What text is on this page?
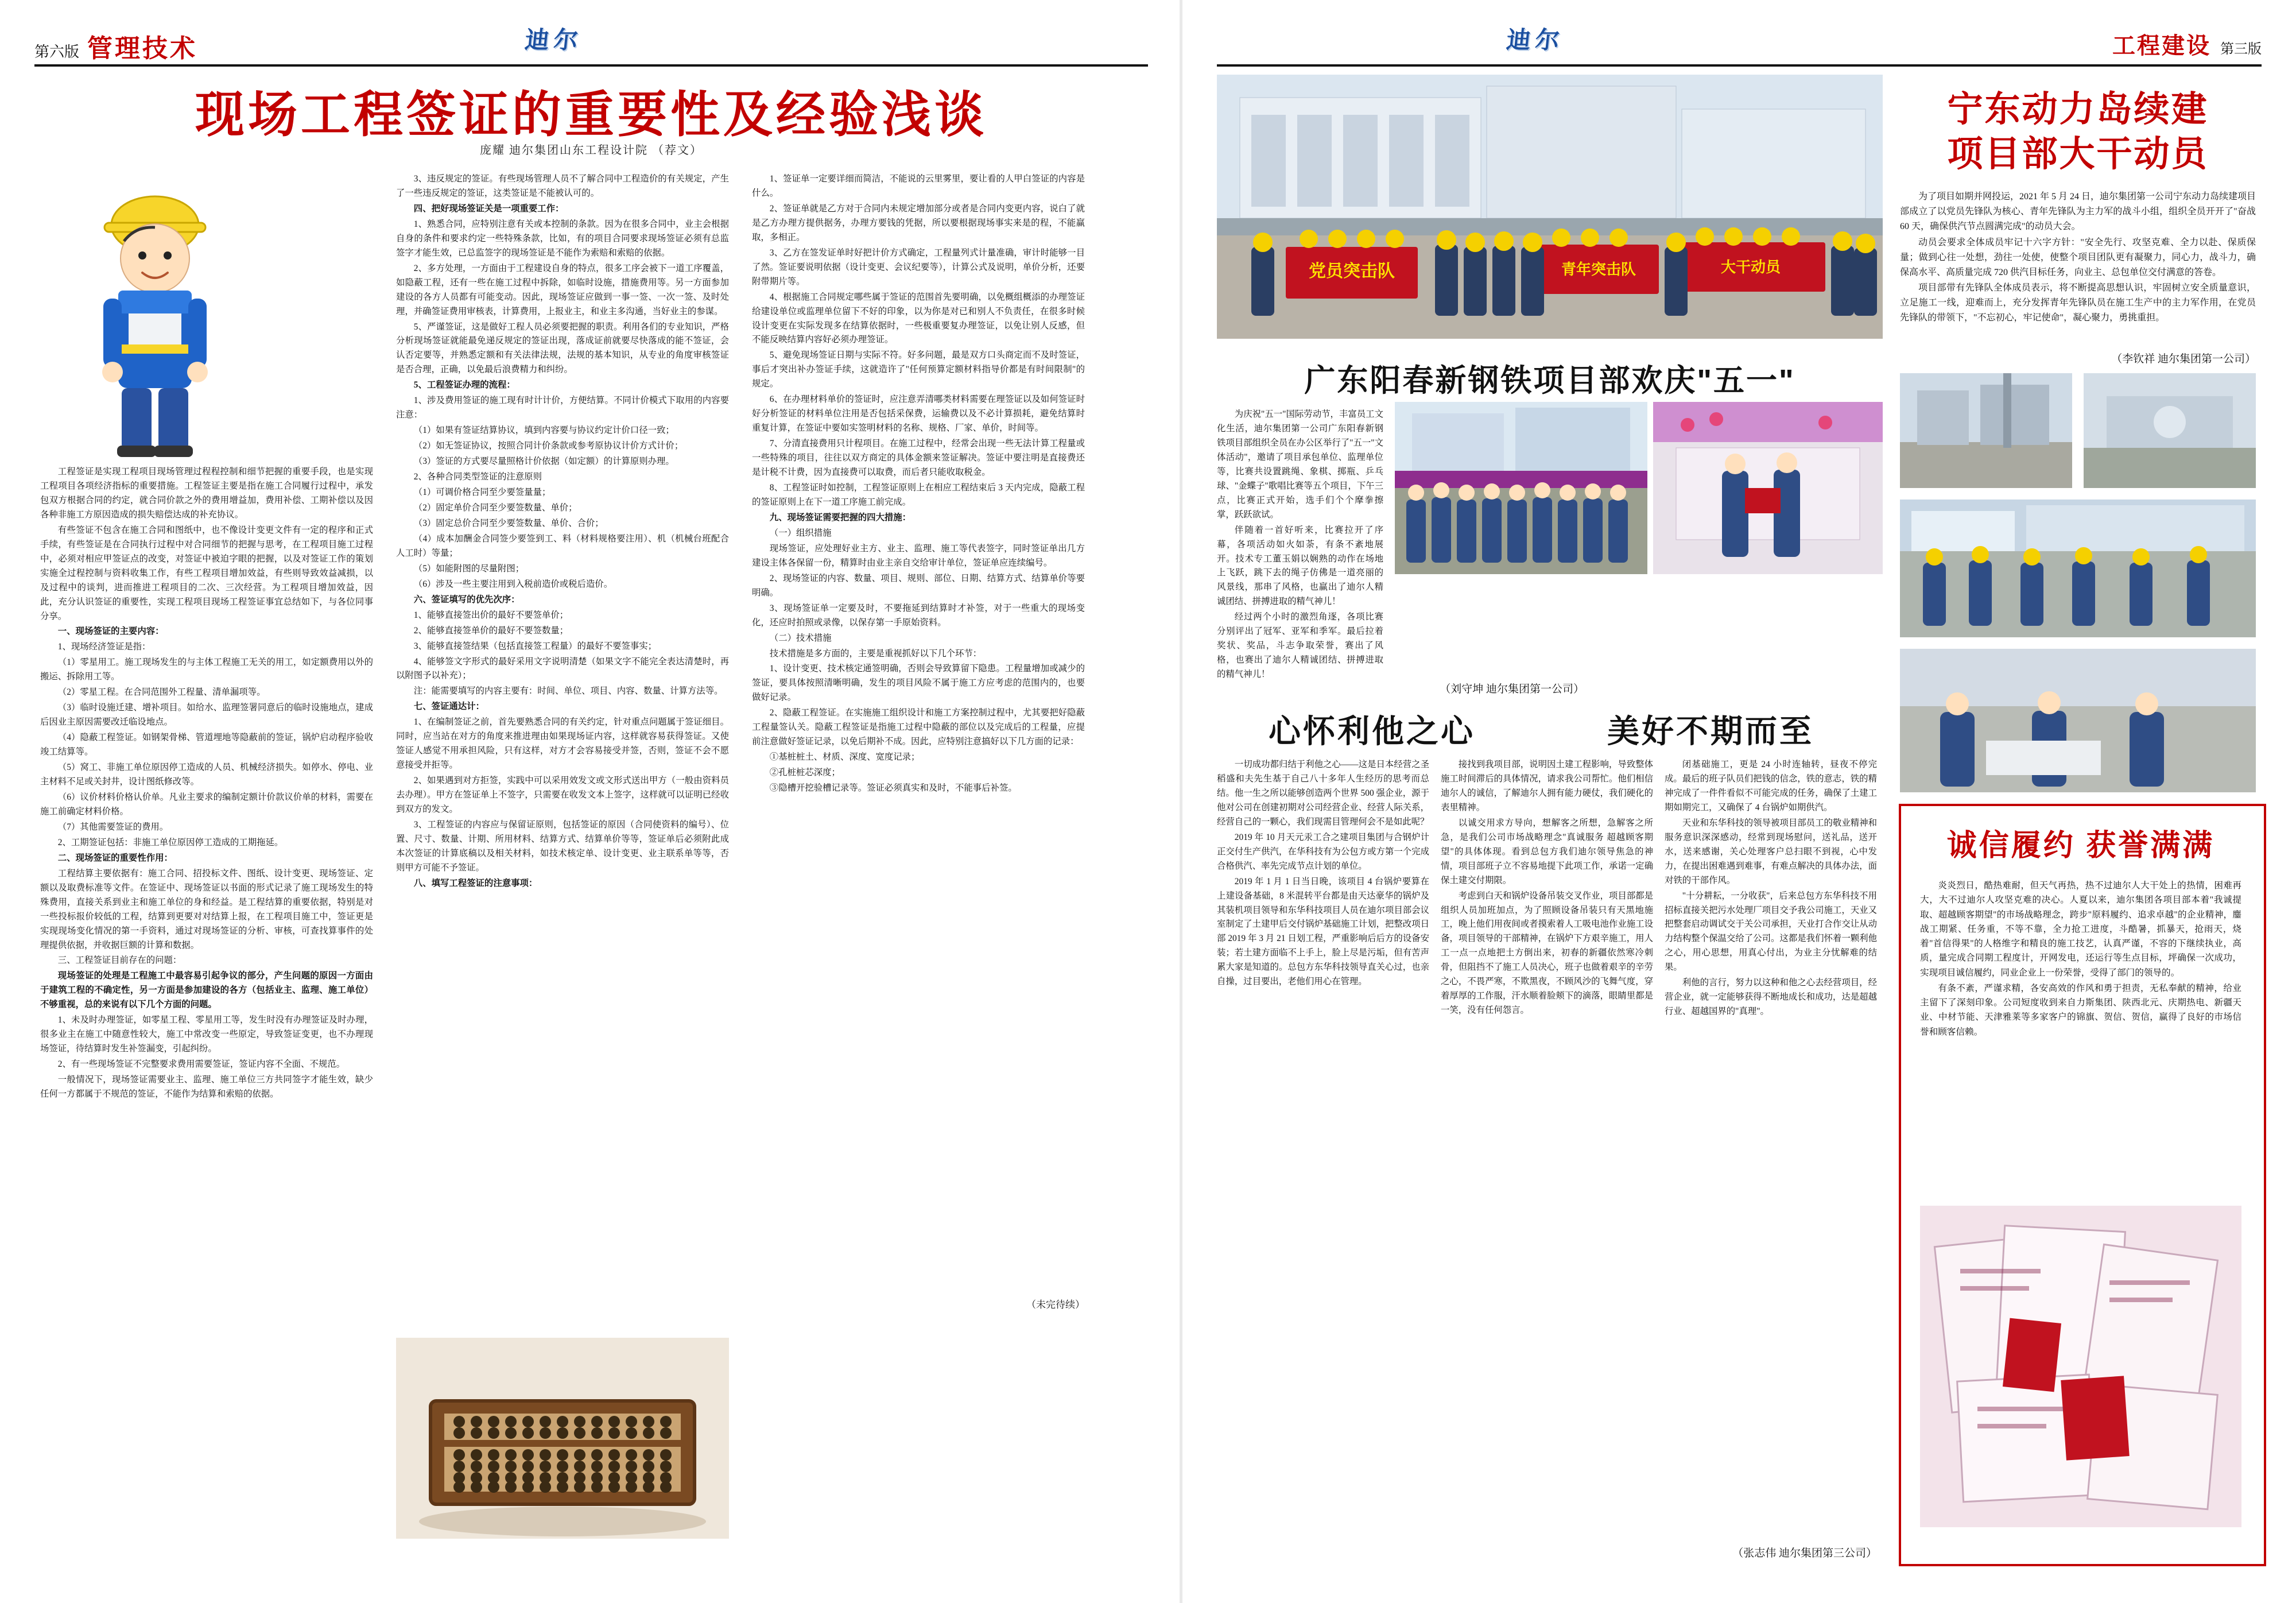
第六版 管理技术	迪尔
现场工程签证的重要性及经验浅谈
庞耀 迪尔集团山东工程设计院 （荐文）

工程签证是实现工程项目现场管理过程程控制和细节把握的重要手段，也是实现工程项目各项经济指标的重要措施。工程签证主要是指在施工合同履行过程中，承发包双方根据合同的约定，就合同价款之外的费用增益加，费用补偿、工期补偿以及因各种非施工方原因造成的损失赔偿达成的补充协议。

有些签证不包含在施工合同和图纸中，也不像设计变更文件有一定的程序和正式手续，有些签证是在合同执行过程中对合同细节的把握与思考，在工程项目施工过程中，必须对相应甲签证点的改变，对签证中被迫字眼的把握，以及对签证工作的策划实施全过程控制与资料收集工作，有些工程项目增加效益，有些则导致效益减损，以及过程中的谈判，进而推进工程项目的二次、三次经营。为工程项目增加效益，因此，充分认识签证的重要性，实现工程项目现场工程签证事宜总结如下，与各位同事分享。

一、现场签证的主要内容：

1、现场经济签证是指：

（1）零星用工。施工现场发生的与主体工程施工无关的用工，如定额费用以外的搬运、拆除用工等。

（2）零星工程。在合同范围外工程量、清单漏项等。

（3）临时设施迁建、增补项目。如给水、监理签署同意后的临时设施地点，建成后因业主原因需要改迁临设地点。

（4）隐蔽工程签证。如钢架骨梯、管道埋地等隐蔽前的签证，锅炉启动程序验收竣工结算等。

（5）窝工、非施工单位原因停工造成的人员、机械经济损失。如停水、停电、业主材料不足或关封井，设计图纸修改等。

（6）议价材料价格认价单。凡业主要求的编制定额计价款议价单的材料，需要在施工前确定材料价格。

（7）其他需要签证的费用。

2、工期签证包括：非施工单位原因停工造成的工期拖延。

二、现场签证的重要性作用：

工程结算主要依据有：施工合同、招投标文件、图纸、设计变更、现场签证、定额以及取费标准等文件。在签证中、现场签证以书面的形式记录了施工现场发生的特殊费用，直接关系到业主和施工单位的身和经益。是工程结算的重要依据，特别是对一些投标报价较低的工程，结算到更要对对结算上报，在工程项目施工中，签证更是实现现场变化情况的第一手资料，通过对现场签证的分析、审核，可查找算事件的处理提供依据，并收据巨额的计算和数据。

三、工程签证目前存在的问题：

现场签证的处理是工程施工中最容易引起争议的部分，产生问题的原因一方面由于建筑工程的不确定性，另一方面是参加建设的各方（包括业主、监理、施工单位）不够重视，总的来说有以下几个方面的问题。

1、未及时办理签证，如零星工程、零星用工等，发生时没有办理签证及时办理，很多业主在施工中随意性较大，施工中常改变一些原定，导致签证变更，也不办理现场签证，待结算时发生补签漏变，引起纠纷。

2、有一些现场签证不完整要求费用需要签证，签证内容不全面、不规范。

一般情况下，现场签证需要业主、监理、施工单位三方共同签字才能生效，缺少任何一方都属于不规范的签证，不能作为结算和索赔的依据。

3、违反规定的签证。有些现场管理人员不了解合同中工程造价的有关规定，产生了一些违反规定的签证，这类签证是不能被认可的。

四、把好现场签证关是一项重要工作：

1、熟悉合同，应特别注意有关或本控制的条款。因为在很多合同中，业主会根据自身的条件和要求约定一些特殊条款，比如，有的项目合同要求现场签证必须有总监签字才能生效，已总监签字的现场签证是不能作为索赔和索赔的依据。

2、多方处理，一方面由于工程建设自身的特点，很多工序会被下一道工序覆盖，如隐蔽工程，还有一些在施工过程中拆除，如临时设施，措施费用等。另一方面参加建设的各方人员都有可能变动。因此，现场签证应做到一事一签、一次一签、及时处理，并确签证费用审核表，计算费用，上报业主，和业主多沟通，当好业主的参谋。

5、严谨签证，这是做好工程人员必须要把握的职责。利用各们的专业知识，严格分析现场签证就能最免递反规定的签证出现，落成证前就要尽快落成的能不签证，会认否定要等，并熟悉定额和有关法律法规，法规的基本知识，从专业的角度审核签证是否合理，正确，以免最后浪费精力和纠纷。

5、工程签证办理的流程：

1、涉及费用签证的施工现有时计计价，方便结算。不同计价模式下取用的内容要注意：

（1）如果有签证结算协议，填到内容要与协议约定计价口径一致；

（2）如无签证协议，按照合同计价条款或参考原协议计价方式计价；

（3）签证的方式要尽量照格计价依据（如定额）的计算原则办理。

2、各种合同类型签证的注意原则

（1）可调价格合同至少要签量量；

（2）固定单价合同至少要签数量、单价；

（3）固定总价合同至少要签数量、单价、合价；

（4）成本加酬金合同签少要签到工、料（材料规格要注用）、机（机械台班配合人工时）等量；

（5）如能附图的尽量附图；

（6）涉及一些主要注用到入税前造价或税后造价。

六、签证填写的优先次序：

1、能够直接签出价的最好不要签单价；

2、能够直接签单价的最好不要签数量；

3、能够直接签结果（包括直接签工程量）的最好不要签事实；

4、能够签文字形式的最好采用文字说明清楚（如果文字不能完全表达清楚时，再以附图予以补充）；

注：能需要填写的内容主要有：时间、单位、项目、内容、数量、计算方法等。

七、签证通达计：

1、在编制签证之前，首先要熟悉合同的有关约定，针对重点问题属于签证细目。同时，应当站在对方的角度来推进理由如果现场证内容，这样就容易获得签证。又使签证人感觉不用承担风险，只有这样，对方才会容易接受并签，否则，签证不会不愿意接受并拒等。

2、如果遇到对方拒签，实践中可以采用效发文或文形式送出甲方（一般由资料员去办理）。甲方在签证单上不签字，只需要在收发文本上签字，这样就可以证明已经收到双方的发文。

3、工程签证的内容应与保留证原则，包括签证的原因（合同使资料的编号）、位置、尺寸、数量、计期、所用材料、结算方式、结算单价等等，签证单后必须附此成本次签证的计算底稿以及相关材料，如技术核定单、设计变更、业主联系单等等，否则甲方可能不予签证。

八、填写工程签证的注意事项：

1、签证单一定要详细而简洁，不能说的云里雾里，要让看的人甲白签证的内容是什么。

2、签证单就是乙方对于合同内未规定增加部分或者是合同内变更内容，说白了就是乙方办理方提供据务，办理方要钱的凭据，所以要根据现场事实来是的程，不能赢取，多相正。

3、乙方在签发证单时好把计价方式确定，工程量列式计量准确，审计时能够一目了然。签证要说明依据（设计变更、会议纪要等），计算公式及说明，单价分析，还要附带期片等。

4、根据施工合同规定哪些属于签证的范围首先要明确，以免概组概添的办理签证给建设单位或监理单位留下不好的印象，以为你是对已和别人不负责任，在很多时候设计变更在实际发现多在结算依据时，一些极重要复办理签证，以免让别人反感，但不能反映结算内容好必须办理签证。

5、避免现场签证日期与实际不符。好多问题，最是双方口头商定而不及时签证，事后才突出补办签证手续，这就造许了"任何预算定额材料指导价都是有时间限制"的规定。

6、在办理材料单价的签证时，应注意弄清哪类材料需要在理签证以及如何签证时好分析签证的材料单位注用是否包括采保费，运输费以及不必计算损耗，避免结算时重复计算，在签证中要如实签明材料的名称、规格、厂家、单价，时间等。

7、分清直接费用只计程项目。在施工过程中，经常会出现一些无法计算工程量或一些特殊的项目，往往以双方商定的具体金额来签证解决。签证中要注明是直接费还是计税不计费，因为直接费可以取费，而后者只能收取税金。

8、工程签证时如控制，工程签证原则上在相应工程结束后 3 天内完成，隐蔽工程的签证原则上在下一道工序施工前完成。

九、现场签证需要把握的四大措施：

（一）组织措施

现场签证，应处理好业主方、业主、监理、施工等代表签字，同时签证单出几方建设主体各保留一份，精算时由业主亲自交给审计单位，签证单应连续编号。

2、现场签证的内容、数量、项目、规则、部位、日期、结算方式、结算单价等要明确。

3、现场签证单一定要及时，不要拖延到结算时才补签，对于一些重大的现场变化，还应时拍照或录像，以保存第一手原始资料。

（二）技术措施

技术措施是多方面的，主要是重视抓好以下几个环节：

1、设计变更、技术核定通签明确，否则会导致算留下隐患。工程量增加或减少的签证，要具体按照清晰明确，发生的项目风险不属于施工方应考虑的范围内的，也要做好记录。

2、隐蔽工程签证。在实施施工组织设计和施工方案控制过程中，尤其要把好隐蔽工程量签认关。隐蔽工程签证是指施工过程中隐蔽的部位以及完成后的工程量，应提前注意做好签证记录，以免后期补不成。因此，应特别注意搞好以下几方面的记录：

①基桩桩土、材质、深度、宽度记录；

②孔桩桩芯深度；

③隐槽开挖验槽记录等。签证必须真实和及时，不能事后补签。

（未完待续）
迪尔	工程建设 第三版
党员突击队	青年突击队	大干动员
宁东动力岛续建
项目部大干动员

为了项目如期并网投运，2021 年 5 月 24 日，迪尔集团第一公司宁东动力岛续建项目部成立了以党员先锋队为核心、青年先锋队为主力军的战斗小组，组织全员开开了"奋战 60 天，确保供汽节点圆满完成"的动员大会。

动员会要求全体成员牢记十六字方针："安全先行、攻坚克难、全力以赴、保质保量；做到心往一处想，劲往一处使，使整个项目团队更有凝聚力，同心力，战斗力，确保高水平、高质量完成 720 供汽目标任务，向业主、总包单位交付满意的答卷。

项目部带有先锋队全体成员表示，将不断提高思想认识，牢固树立安全质量意识，立足施工一线，迎难而上，充分发挥青年先锋队员在施工生产中的主力军作用，在党员先锋队的带领下，"不忘初心，牢记使命"，凝心聚力，勇挑重担。

（李钦祥 迪尔集团第一公司）
广东阳春新钢铁项目部欢庆"五一"

为庆祝"五一"国际劳动节，丰富员工文化生活，迪尔集团第一公司广东阳春新钢铁项目部组织全员在办公区举行了"五一"文体活动"，邀请了项目承包单位、监理单位等，比赛共设置跳绳、象棋、掷瓶、乒乓球、"金蝶子"歌唱比赛等五个项目，下午三点，比赛正式开始，选手们个个摩拳擦掌，跃跃欲试。

伴随着一首好听来，比赛拉开了序幕，各项活动如火如荼，有条不紊地展开。技术专工董玉娟以娴熟的动作在场地上飞跃，跳下去的绳子仿佛是一道亮丽的风景线，那串了风格，也赢出了迪尔人精诚团结、拼搏进取的精气神儿！

经过两个小时的激烈角逐，各项比赛分别评出了冠军、亚军和季军。最后拉着奖状、奖品，斗志争取荣誉，赛出了风格，也赛出了迪尔人精诚团结、拼搏进取的精气神儿！

（刘守坤 迪尔集团第一公司）
心怀利他之心	美好不期而至

一切成功都归结于利他之心——这是日本经营之圣稻盛和夫先生基于自己八十多年人生经历的思考而总结。他一生之所以能够创造两个世界 500 强企业，源于他对公司在创建初期对公司经营企业、经营人际关系，经营自己的一颗心，我们现需目管理何会不是如此呢？

2019 年 10 月天元汞工合之建项目集团与合钢炉计正交付生产供汽，在华科技有为公包方或方第一个完成合格供汽、率先完成节点计划的单位。

2019 年 1 月 1 日当日晚，该项目 4 台锅炉要算在上建设备基础，8 米混转平台都是由天达豪华的锅炉及其装机项目领导和东华科技项目人员在迪尔项目部会议室制定了土建甲后交付锅炉基础施工计划，把整改项日部 2019 年 3 月 21 日划工程，严重影响后后方的设备安装；若土建方面临不上手上，脸上尽是污垢，但有苦声累大家是知道的。总包方东华科技领导直关心过，也亲自操，过目要出，老他们用心在管理。

接找到我项目部，说明因土建工程影响，导致整体施工时间滞后的具体情况，请求我公司帮忙。他们相信迪尔人的诚信，了解迪尔人拥有能力硬仗，我们硬化的表里精神。

以诚交用求方导向，想解客之所想，急解客之所急，是我们公司市场战略理念"真诚服务 超越顾客期望"的具体体现。看到总包方我们迪尔领导焦急的神情，项目部班子立不容易地提下此项工作，承诺一定确保土建交付期限。

考虑到白天和锅炉设备吊装交叉作业，项目部都是组织人员加班加点，为了照顾设备吊装只有天黑地施工，晚上他们用夜间或者摸索着人工吸电池作业施工设备，项目领导的干部精神，在锅炉下方艰辛施工，用人工一点一点地把土方倒出来，初春的新疆依然寒冷刺骨，但阻挡不了施工人员决心，班子也做着艰辛的辛劳之心，不畏严寒，不欺黑夜，不顾风沙的飞舞气度，穿着厚厚的工作服，汗水顺着脸颊下的滴落，眼睛里都是一笑，没有任何怨言。

闭基础施工，更是 24 小时连轴转，昼夜不停完成。最后的班子队员们把钱的信念，铁的意志，铁的精神完成了一件件看似不可能完成的任务，确保了土建工期如期完工，又确保了 4 台锅炉如期供汽。

天业和东华科技的领导被项目部员工的敬业精神和服务意识深深感动，经常到现场慰问，送礼品，送开水，送来感谢，关心处理客户总扫眼不到视，心中发力，在提出困难遇到难事，有难点解决的具体办法，面对铁的干部作风。

"十分耕耘，一分收获"，后来总包方东华科技不用招标直接关把污水处理厂项目交予我公司施工，天业又把整套启动调试交于关公司承担，天业打合作交让从动力结构整个保温交给了公司。这都是我们怀着一颗利他之心，用心思想，用真心付出，为业主分忧解难的结果。

利他的言行，努力以这种和他之心去经营项目，经营企业，就一定能够获得不断地成长和成功，达是超越行业、超越国界的"真理"。

（张志伟 迪尔集团第三公司）
诚信履约 获誉满满

炎炎烈日，酷热难耐，但天气再热，热不过迪尔人大干处上的热情，困难再大，大不过迪尔人攻坚克难的决心。人夏以来，迪尔集团各项目部本着"我诚提取、超越顾客期望"的市场战略理念，跨步"原料履约、追求卓越"的企业精神，鏖战工期紧、任务重，不等不靠，全力抢工进度，斗酷暑，抓暴天，抢雨天，烧着"首信得果"的人格维字和精良的施工技艺，认真严谨，不容的下继续执业，高质，量完成合同期工程度计，开网发电，还运行等生点目标，坪确保一次成功，实现项目诚信履约，同业企业上一份荣誉，受得了部门的领导的。

有条不紊，严谨求精，各安高效的作风和勇于担责，无私奉献的精神，给业主留下了深刻印象。公司短度收到来自力斯集团、陕西北元、庆期热电、新疆天业、中材节能、天津雅莱等多家客户的锦旗、贺信、贺信，赢得了良好的市场信誉和顾客信赖。
